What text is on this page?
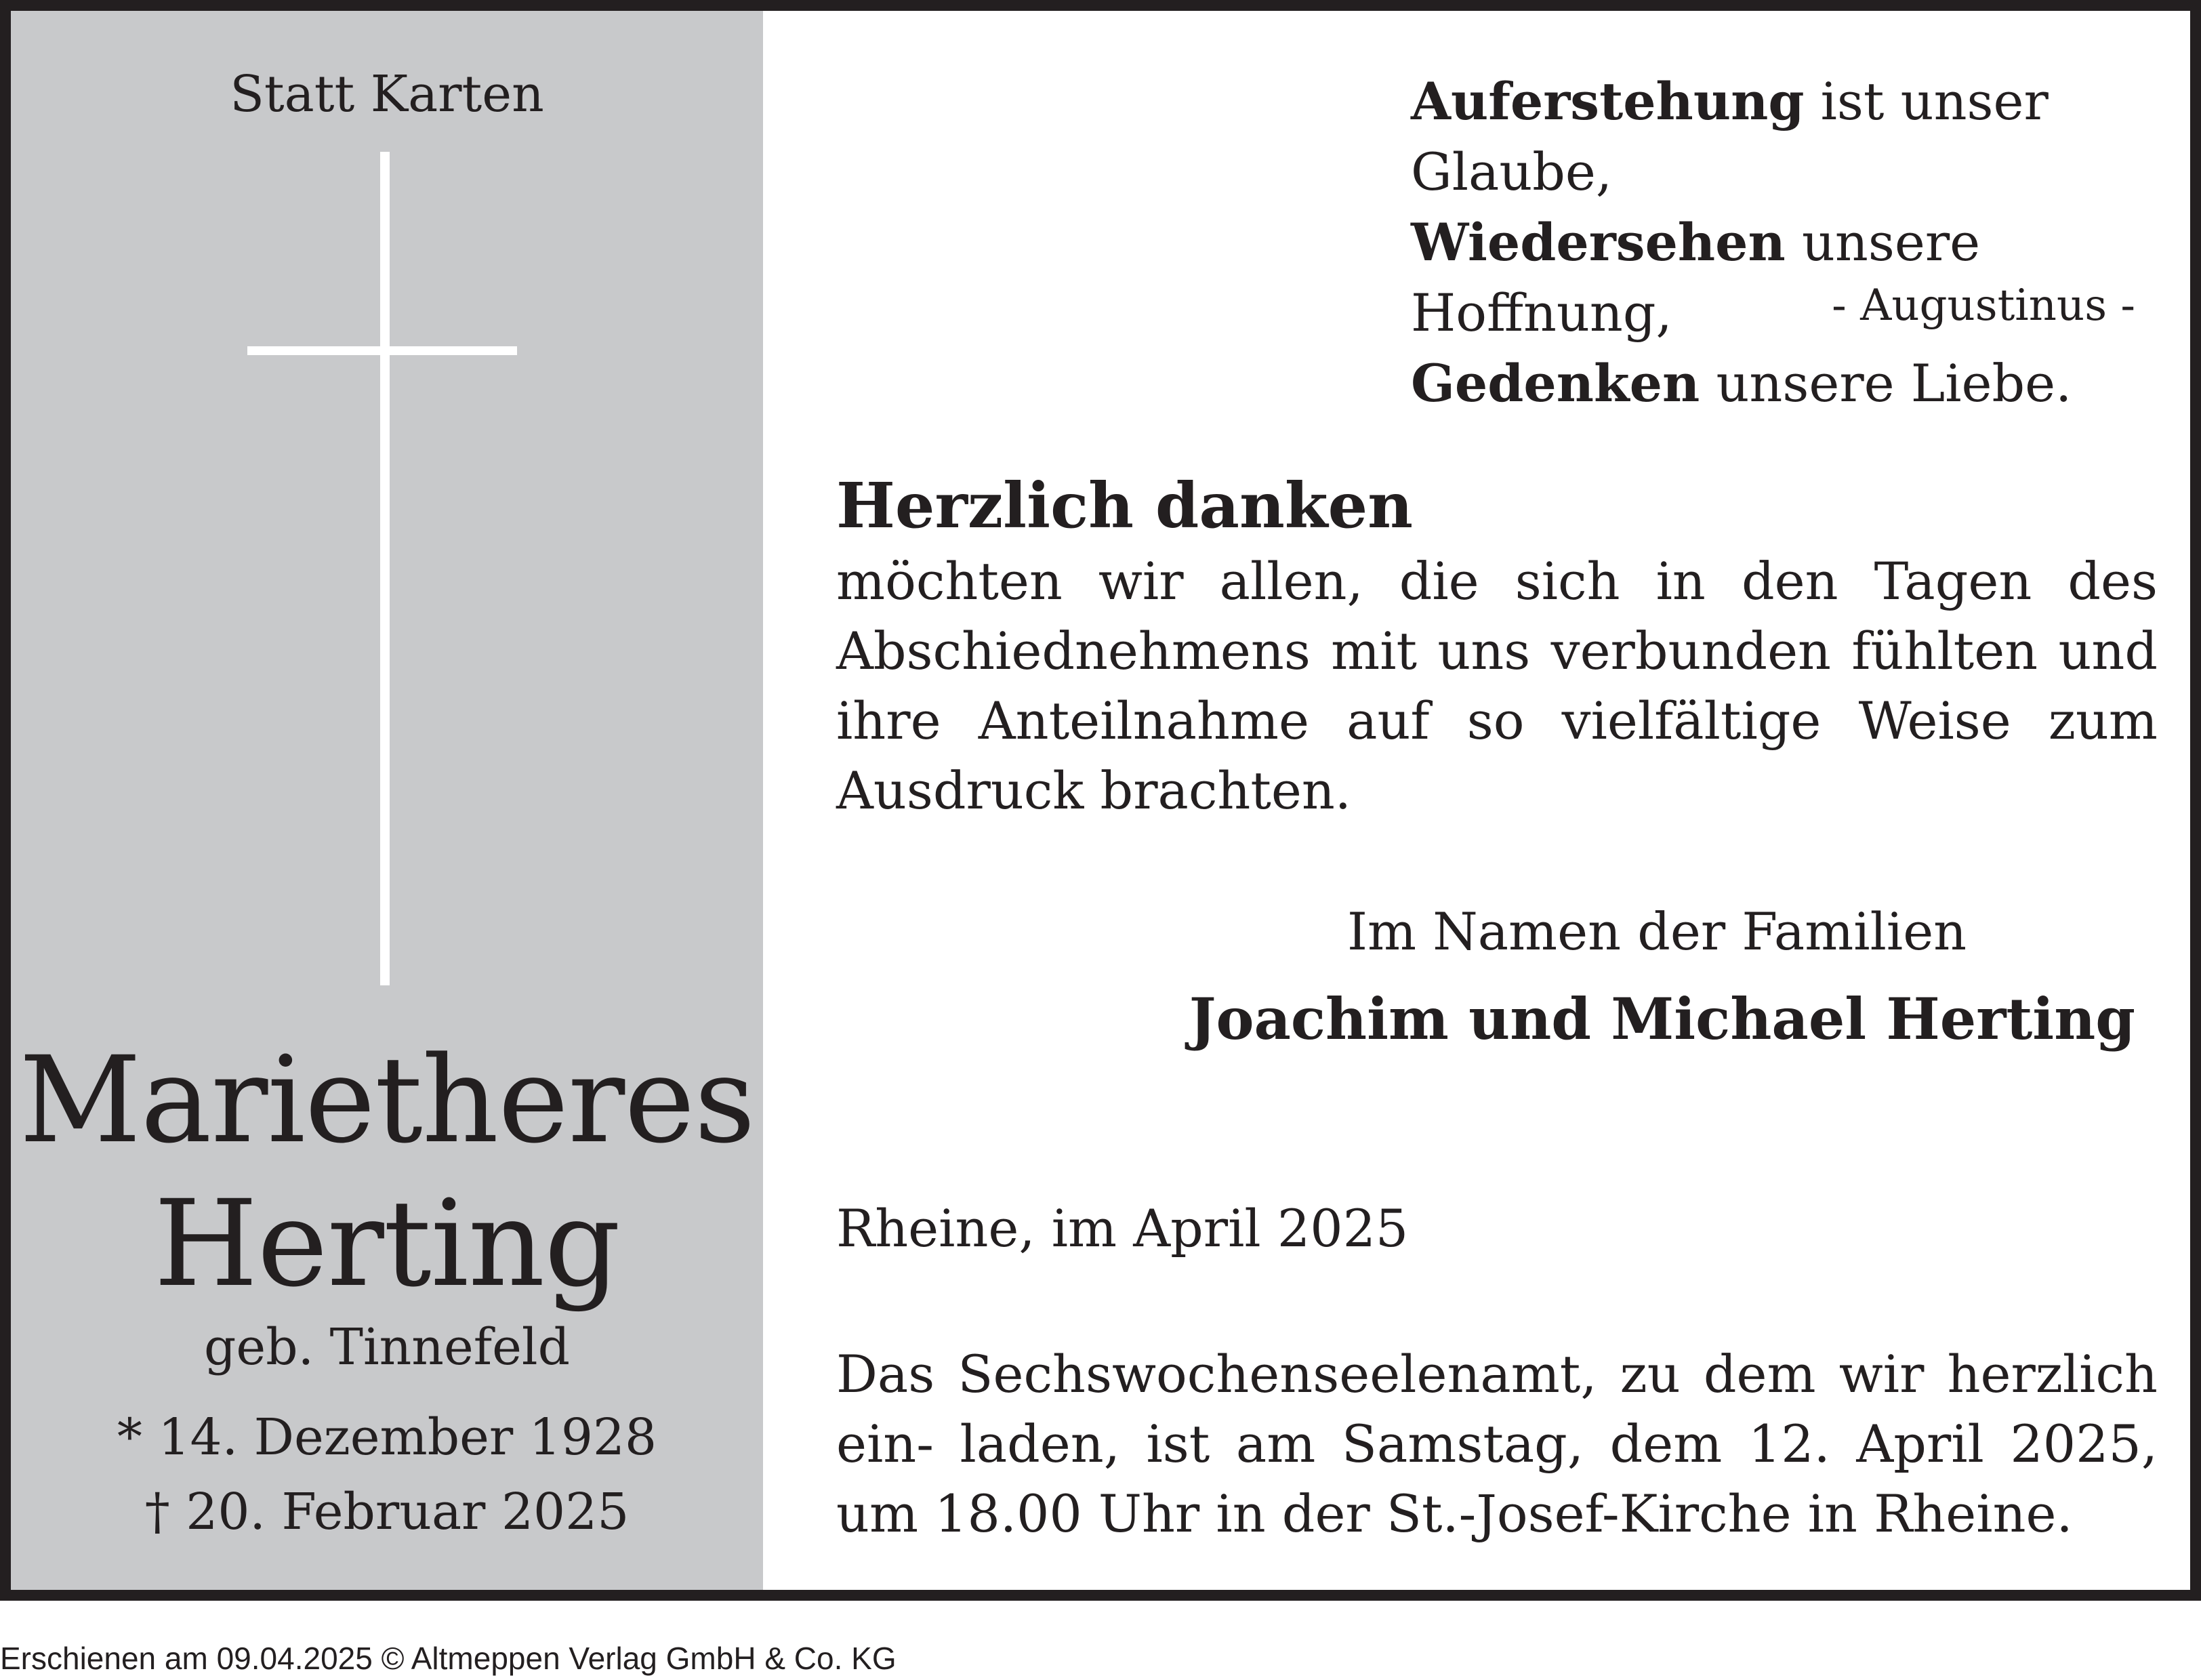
Statt Karten
Marietheres
Herting
geb. Tinnefeld
* 14. Dezember 1928
† 20. Februar 2025
Auferstehung ist unser Glaube,
Wiedersehen unsere Hoffnung,
Gedenken unsere Liebe.
- Augustinus -
Herzlich danken
möchten wir allen, die sich in den Tagen des Abschiednehmens mit uns verbunden fühlten und ihre Anteilnahme auf so vielfältige Weise zum Ausdruck brachten.
Im Namen der Familien
Joachim und Michael Herting
Rheine, im April 2025
Das Sechswochenseelenamt, zu dem wir herzlich ein- laden, ist am Samstag, dem 12. April 2025, um 18.00 Uhr in der St.-Josef-Kirche in Rheine.
Erschienen am 09.04.2025 © Altmeppen Verlag GmbH & Co. KG
